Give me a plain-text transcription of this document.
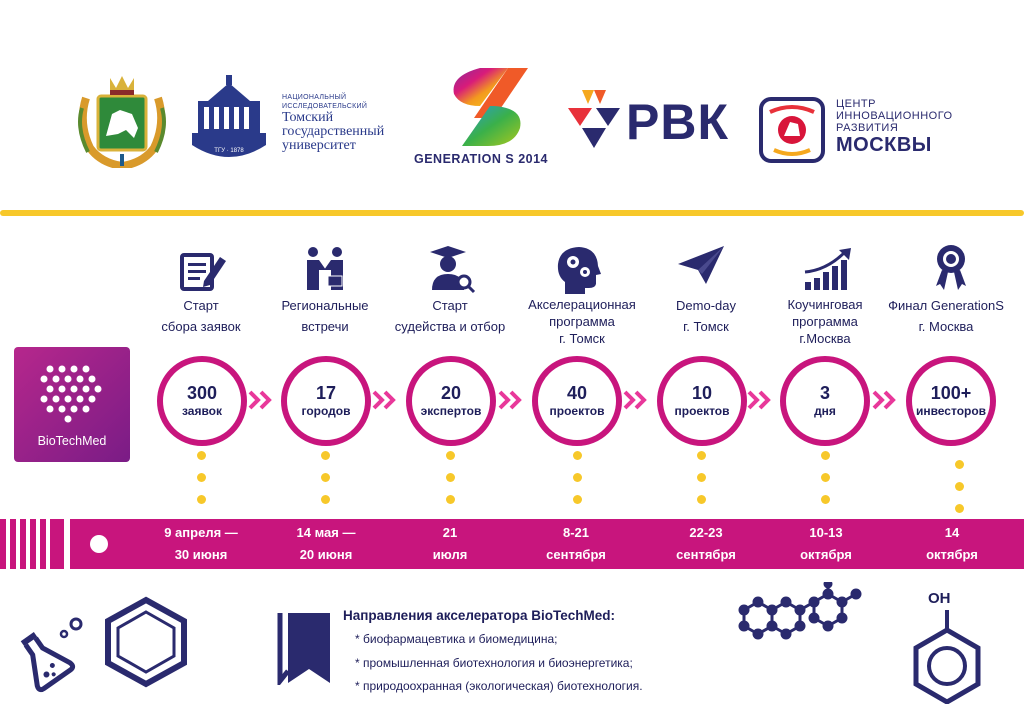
ТГУ · 1878
НАЦИОНАЛЬНЫЙ
ИССЛЕДОВАТЕЛЬСКИЙ
Томский
государственный
университет
GENERATION S 2014
РВК	ЦЕНТР
ИННОВАЦИОННОГО
РАЗВИТИЯ
МОСКВЫ
BioTechMed
Старт
сбора заявок
Региональные
встречи
Старт
судейства и отбор
Акселерационная
программа
г. Томск
Demo-day
г. Томск
Коучинговая
программа
г.Москва
Финал GenerationS
г. Москва
300
заявок
17
городов
20
экспертов
40
проектов
10
проектов
3
дня
100+
инвесторов
9 апреля —
30 июня
14 мая —
20 июня
21
июля
8-21
сентября
22-23
сентября
10-13
октября
14
октября
Направления акселератора BioTechMed:
* биофармацевтика и биомедицина;
* промышленная биотехнология и биоэнергетика;
* природоохранная (экологическая) биотехнология.
OH
